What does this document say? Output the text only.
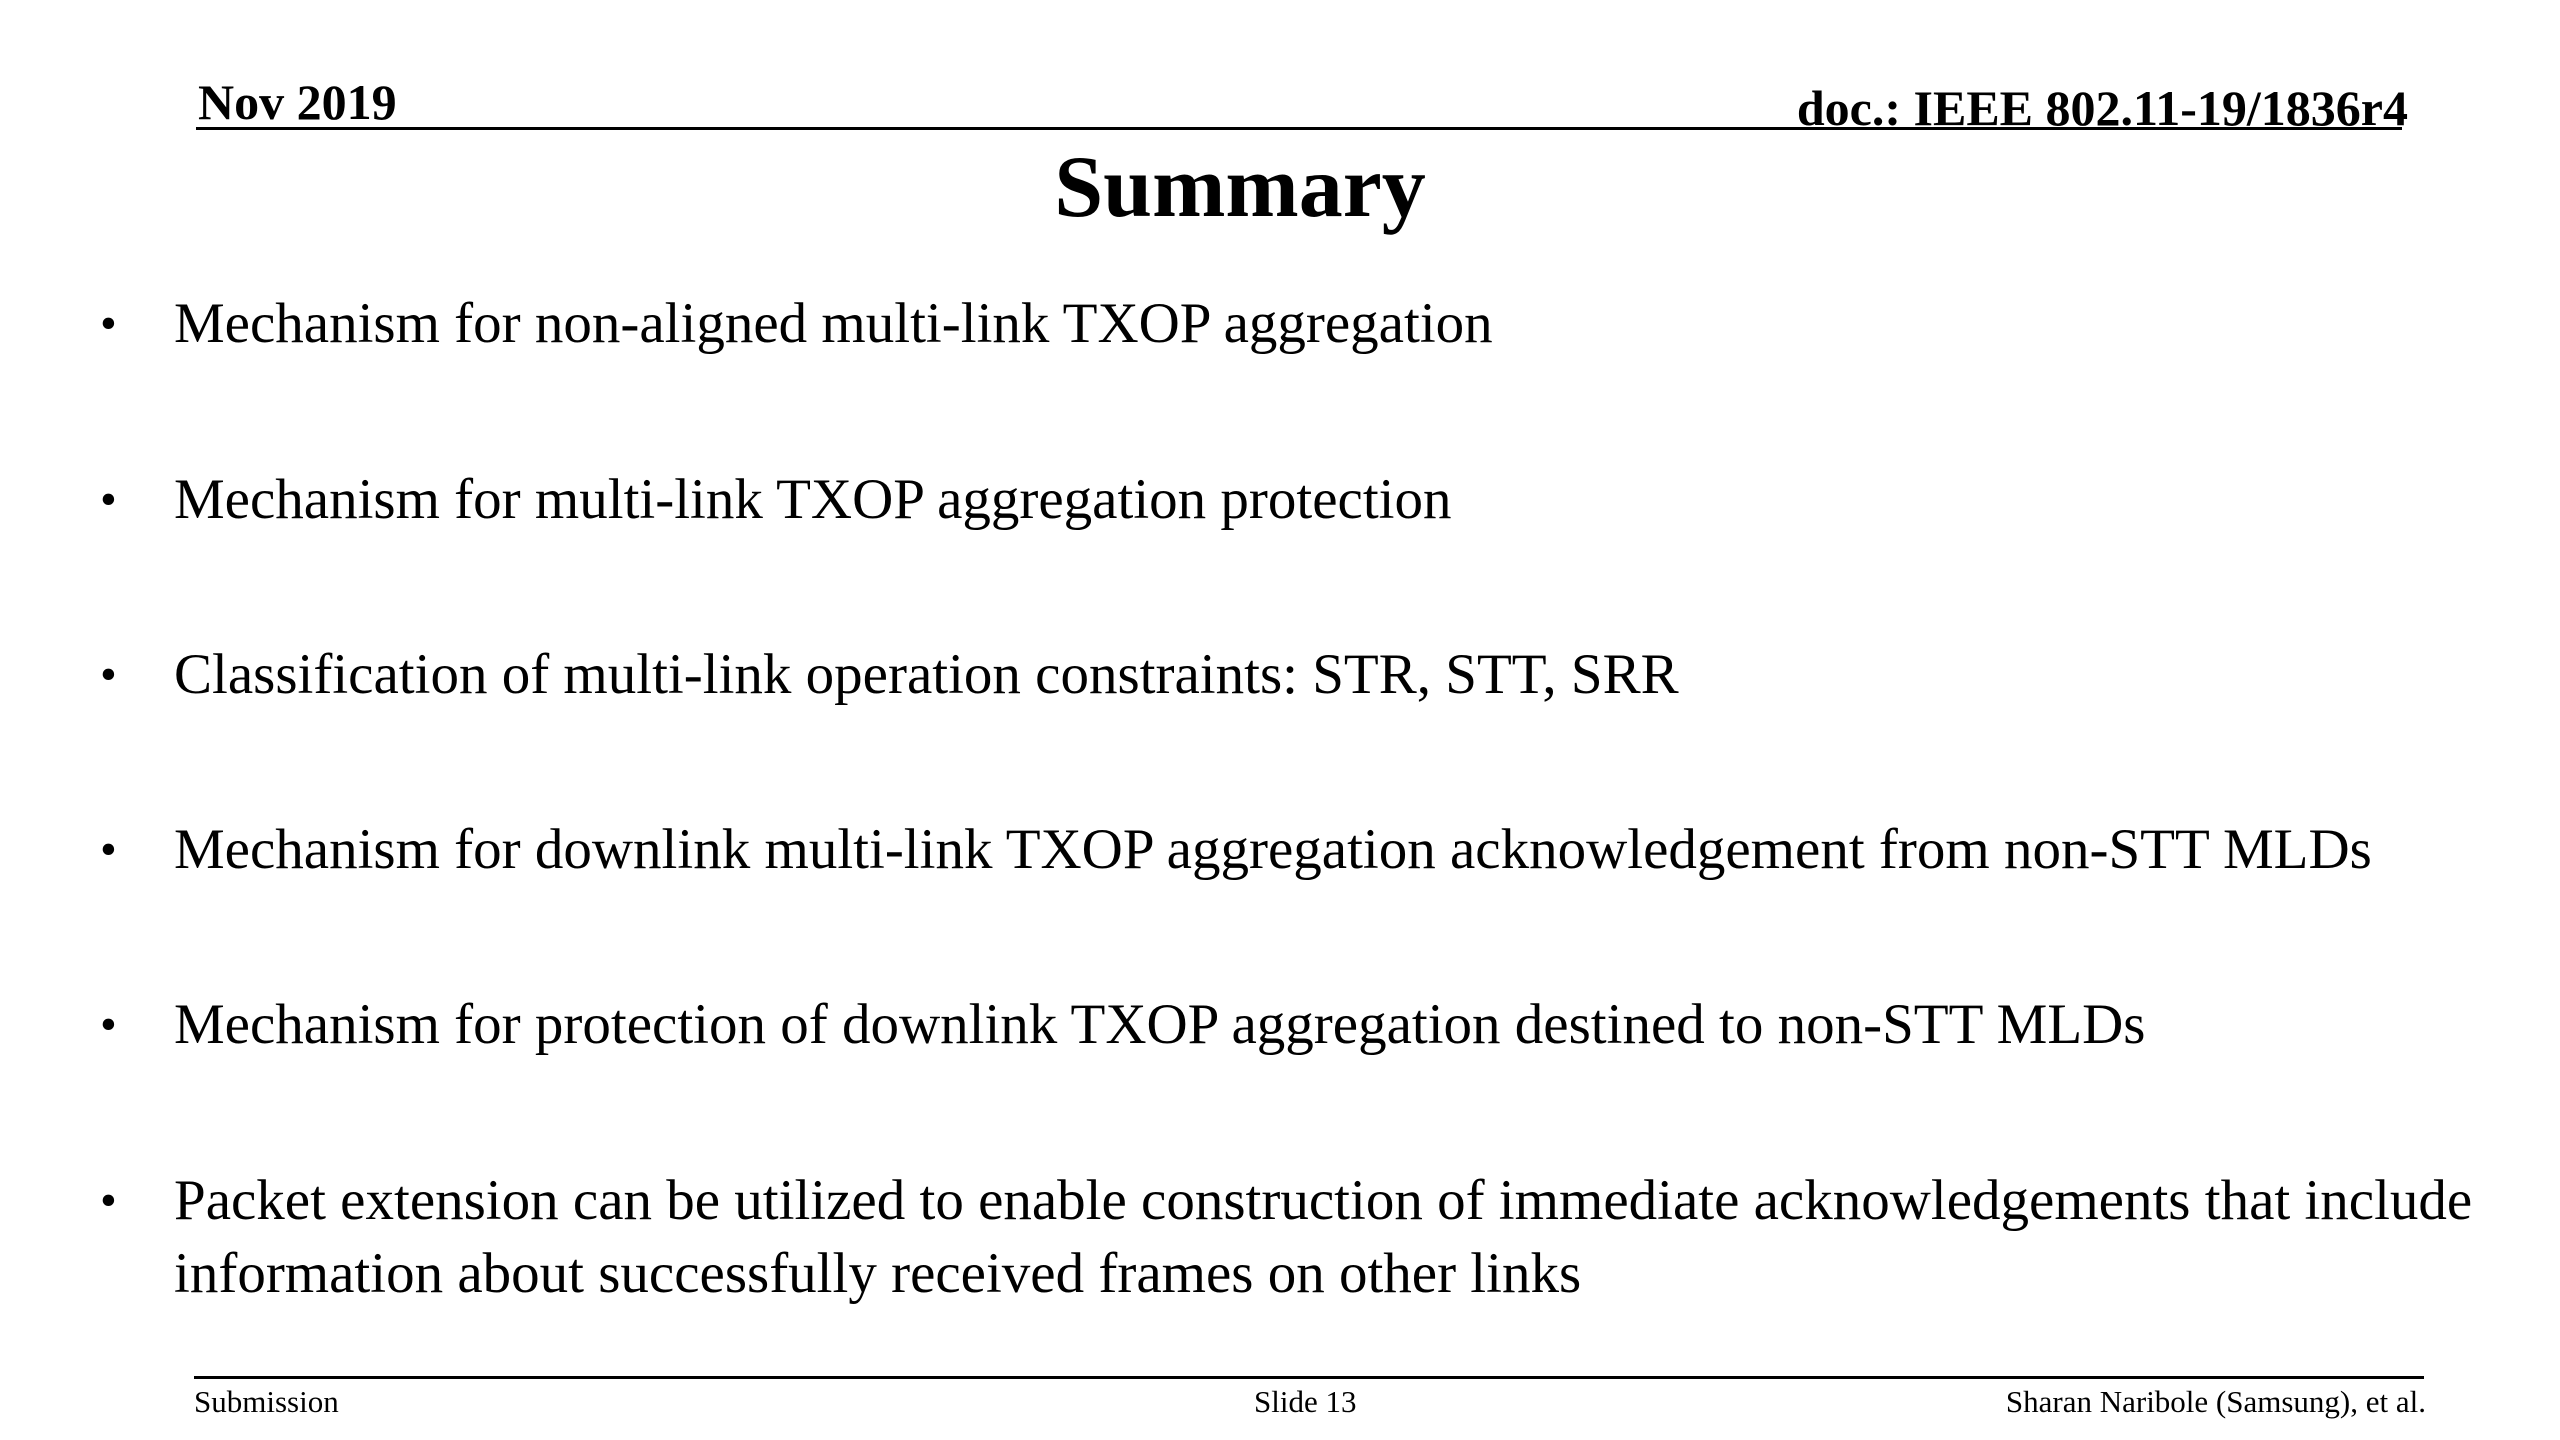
Nov 2019	doc.: IEEE 802.11-19/1836r4
Summary
•	Mechanism for non-aligned multi-link TXOP aggregation
•	Mechanism for multi-link TXOP aggregation protection
•	Classification of multi-link operation constraints: STR, STT, SRR
•	Mechanism for downlink multi-link TXOP aggregation acknowledgement from non-STT MLDs
•	Mechanism for protection of downlink TXOP aggregation destined to non-STT MLDs
•	Packet extension can be utilized to enable construction of immediate acknowledgements that include information about successfully received frames on other links
Submission	Slide 13	Sharan Naribole (Samsung), et al.
